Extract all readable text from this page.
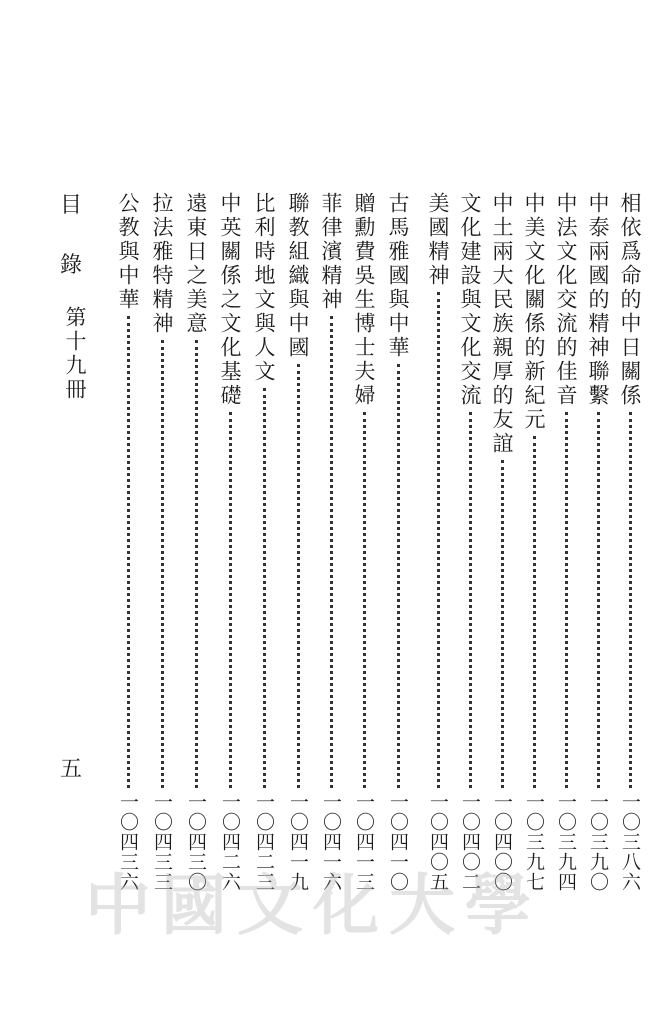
目
錄
第十九冊
五
相依爲命的中日關係
一〇三八六
中泰兩國的精神聯繫
一〇三九〇
中法文化交流的佳音
一〇三九四
中美文化關係的新紀元
一〇三九七
中土兩大民族親厚的友誼
一〇四〇〇
文化建設與文化交流
一〇四〇二
美國精神
一〇四〇五
古馬雅國與中華
一〇四一〇
贈勳費吳生博士夫婦
一〇四一三
菲律濱精神
一〇四一六
聯教組織與中國
一〇四一九
比利時地文與人文
一〇四二三
中英關係之文化基礎
一〇四二六
遠東日之美意
一〇四三〇
拉法雅特精神
一〇四三三
公教與中華
一〇四三六
中國文化大學
